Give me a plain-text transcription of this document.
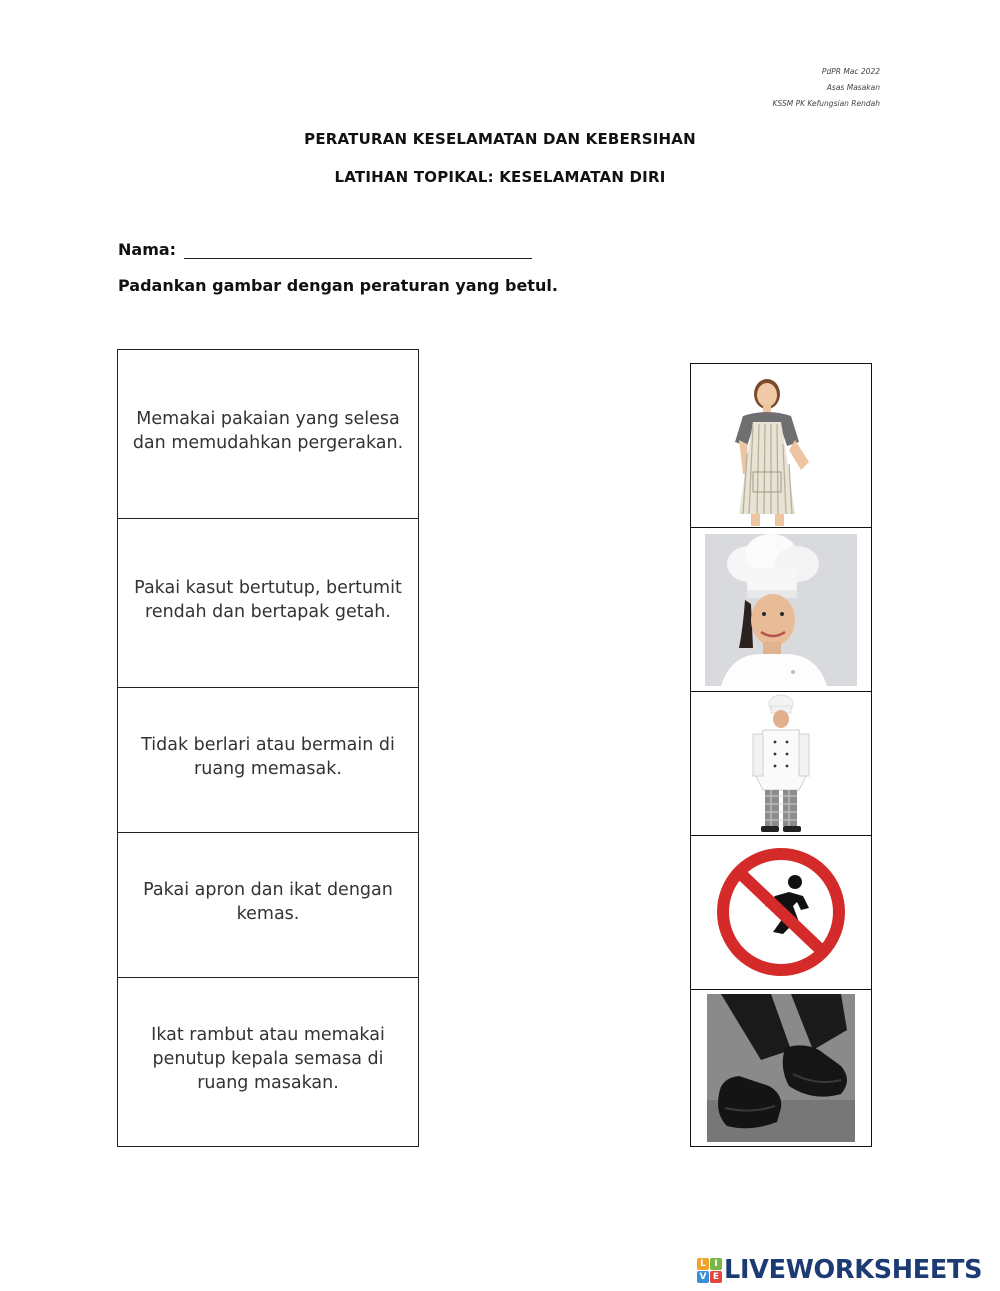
PdPR Mac 2022
Asas Masakan
KSSM PK Kefungsian Rendah
PERATURAN KESELAMATAN DAN KEBERSIHAN
LATIHAN TOPIKAL: KESELAMATAN DIRI
Nama:
Padankan gambar dengan peraturan yang betul.
Memakai pakaian yang selesa dan memudahkan pergerakan.
Pakai kasut bertutup, bertumit rendah dan bertapak getah.
Tidak berlari atau bermain di ruang memasak.
Pakai apron dan ikat dengan kemas.
Ikat rambut atau memakai penutup kepala semasa di ruang masakan.
L I
V E LIVEWORKSHEETS
